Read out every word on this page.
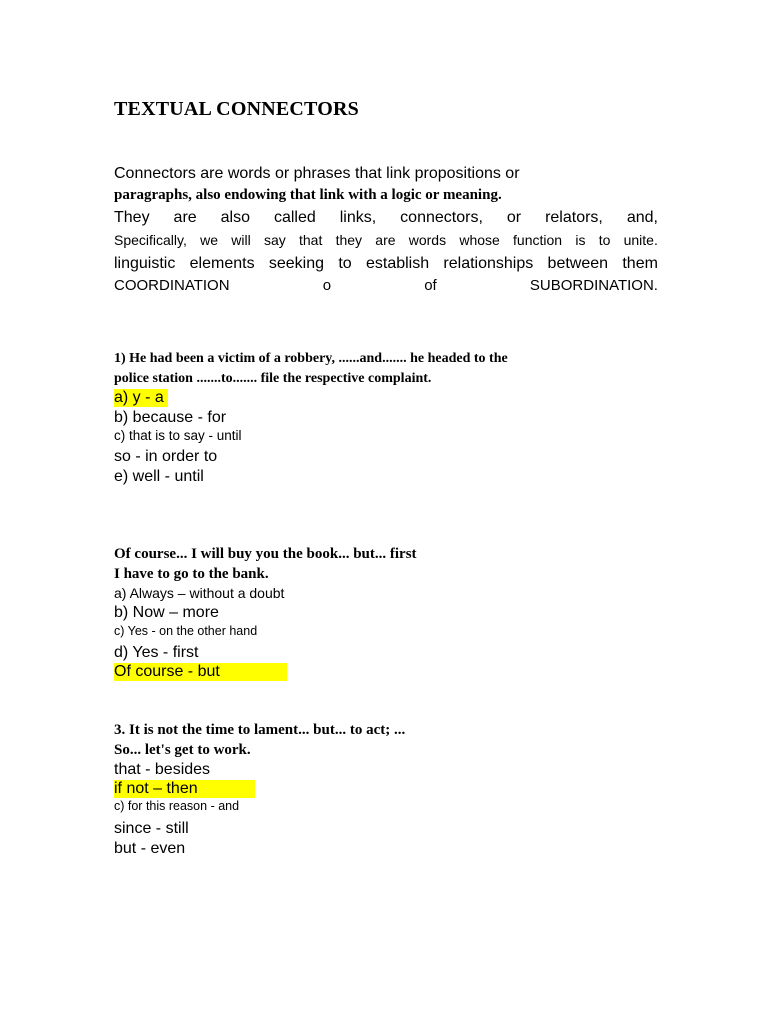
TEXTUAL CONNECTORS
Connectors are words or phrases that link propositions or
paragraphs, also endowing that link with a logic or meaning.
They are also called links, connectors, or relators, and,
Specifically, we will say that they are words whose function is to unite.
linguistic elements seeking to establish relationships between them
COORDINATION	o	of	SUBORDINATION.
1) He had been a victim of a robbery, ......and....... he headed to the
police station .......to....... file the respective complaint.
a) y - a
b) because - for
c) that is to say - until
so - in order to
e) well - until
Of course... I will buy you the book... but... first
I have to go to the bank.
a) Always – without a doubt
b) Now – more
c) Yes - on the other hand
d) Yes - first
Of course - but
3. It is not the time to lament... but... to act; ...
So... let's get to work.
that - besides
if not – then
c) for this reason - and
since - still
but - even
